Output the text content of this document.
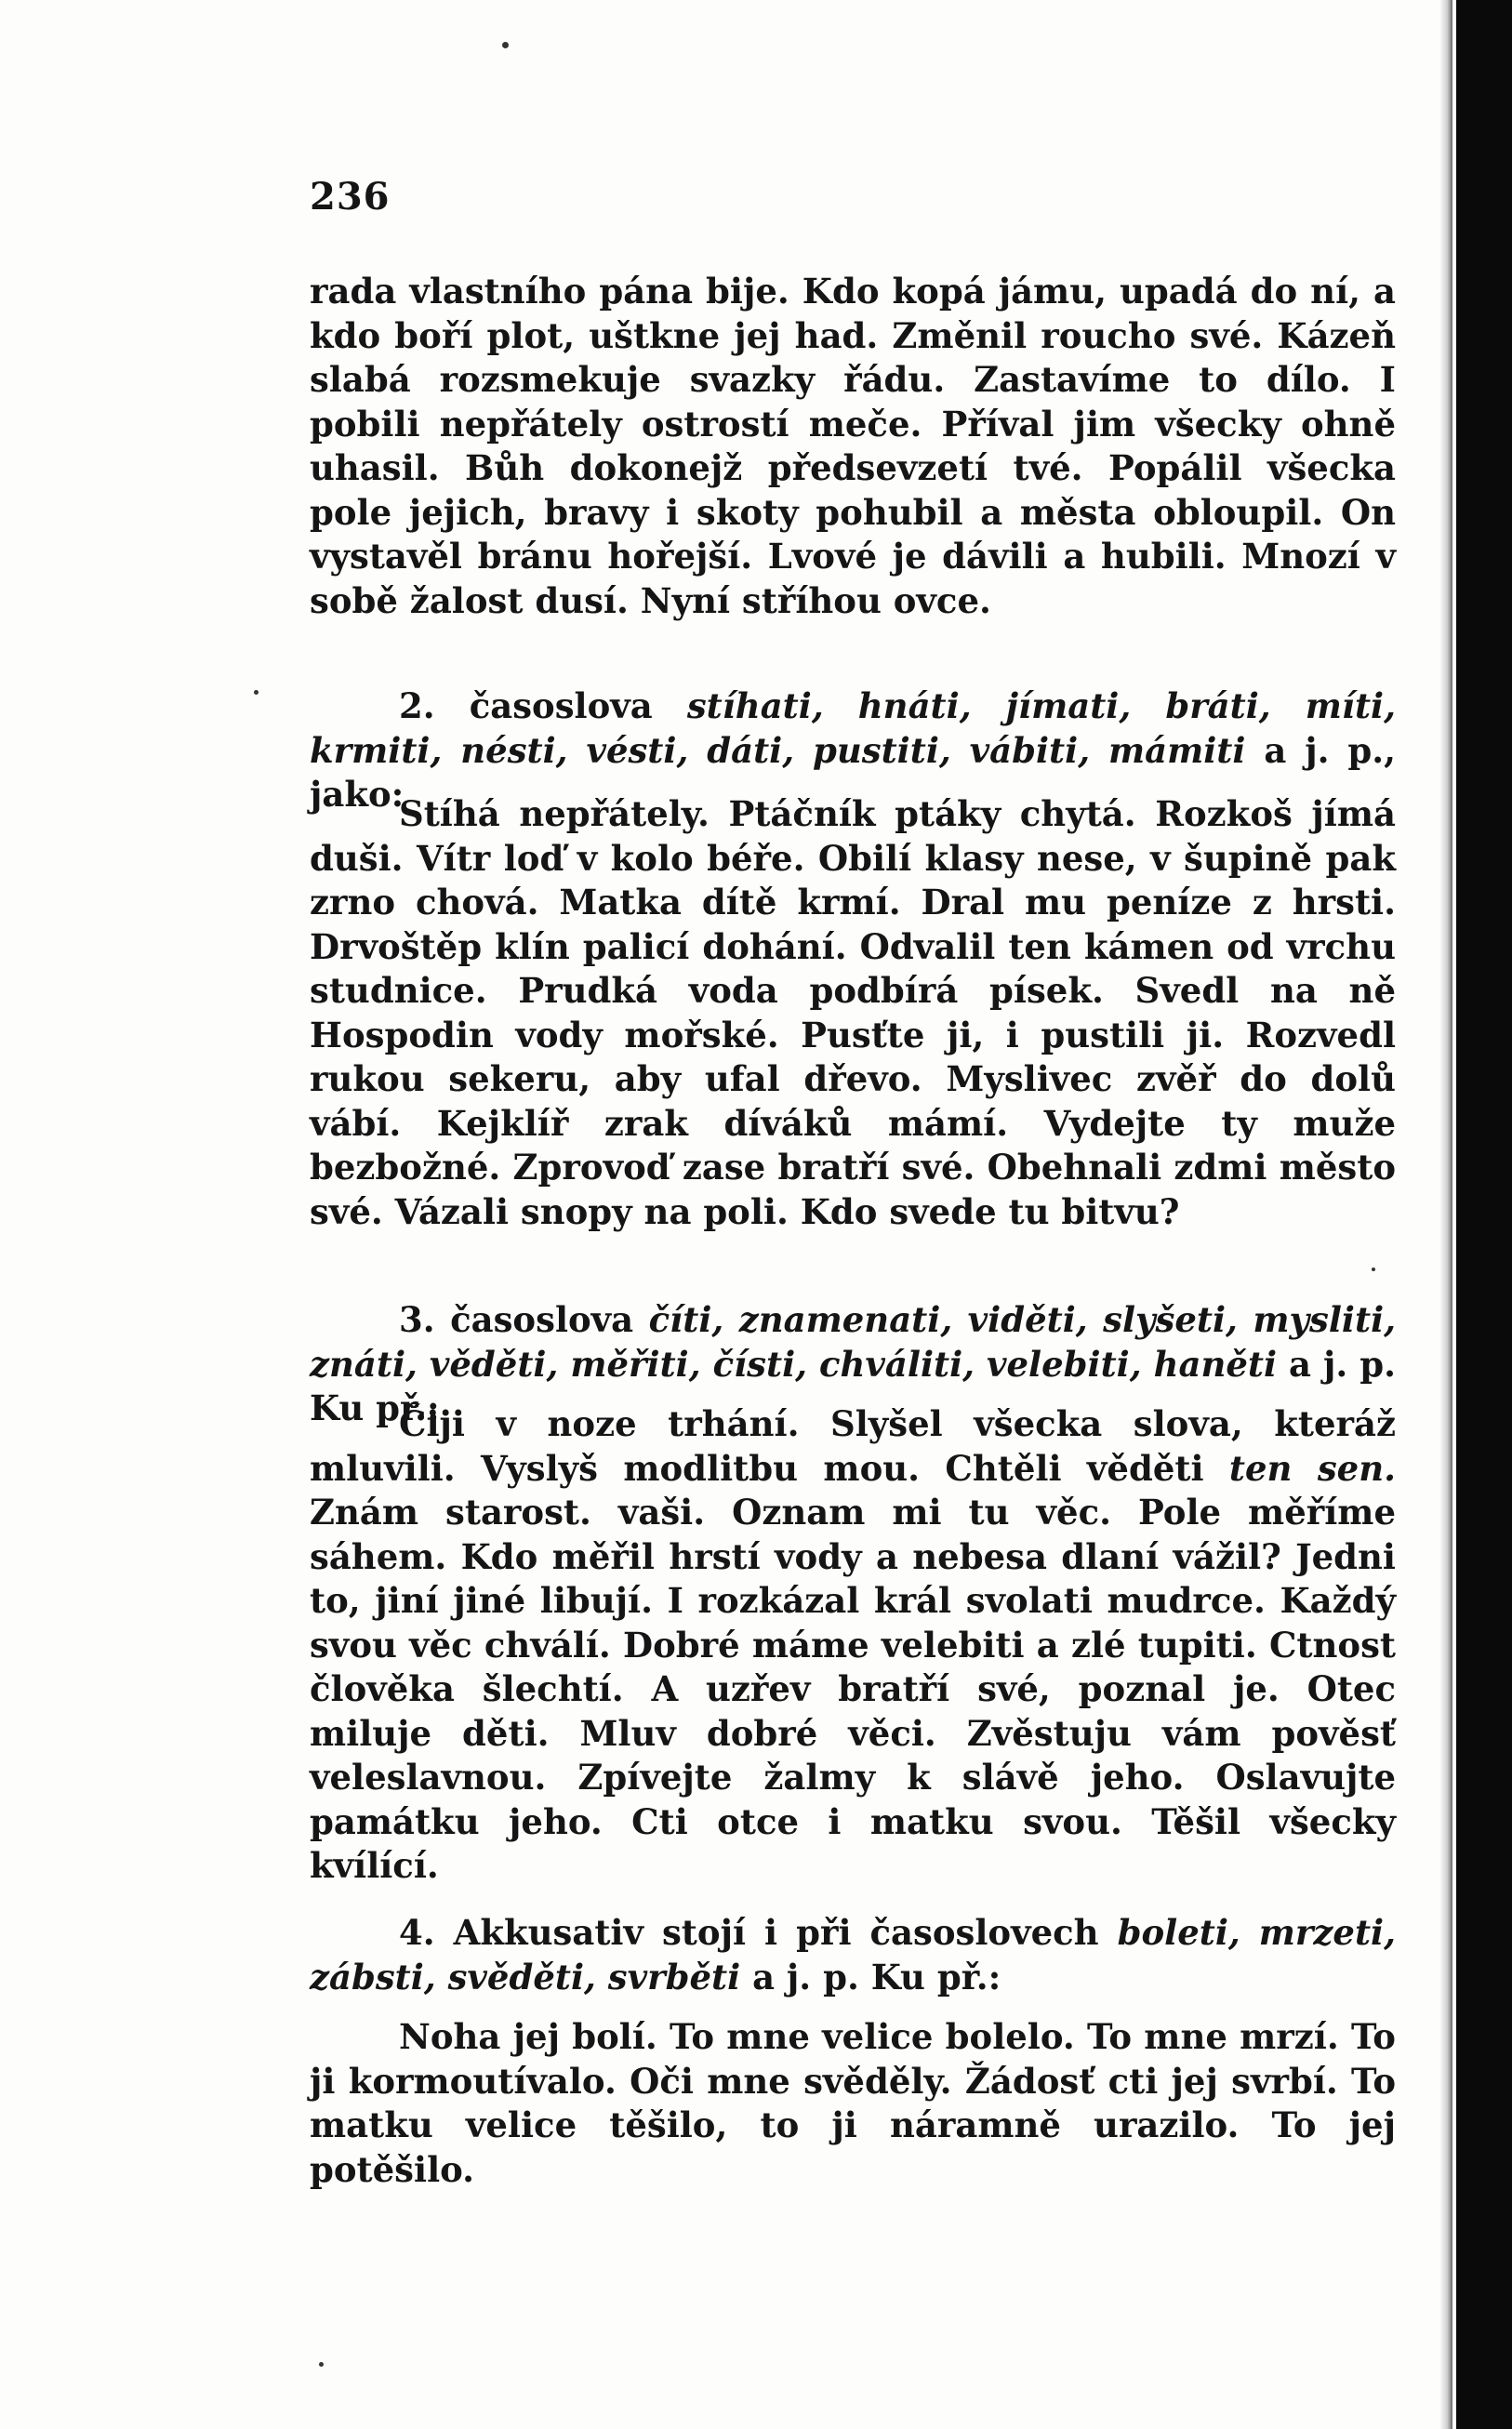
236

rada vlastního pána bije. Kdo kopá jámu, upadá do ní, a kdo boří plot, uštkne jej had. Změnil roucho své. Kázeň slabá rozsmekuje svazky řádu. Zastavíme to dílo. I pobili nepřátely ostrostí meče. Příval jim všecky ohně uhasil. Bůh dokonejž předsevzetí tvé. Popálil všecka pole jejich, bravy i skoty pohubil a města obloupil. On vystavěl bránu hořejší. Lvové je dávili a hubili. Mnozí v sobě žalost dusí. Nyní stříhou ovce.

2. časoslova stíhati, hnáti, jímati, bráti, míti, krmiti, nésti, vésti, dáti, pustiti, vábiti, mámiti a j. p., jako:

Stíhá nepřátely. Ptáčník ptáky chytá. Rozkoš jímá duši. Vítr loď v kolo béře. Obilí klasy nese, v šupině pak zrno chová. Matka dítě krmí. Dral mu peníze z hrsti. Drvoštěp klín palicí dohání. Odvalil ten kámen od vrchu studnice. Prudká voda podbírá písek. Svedl na ně Hospodin vody mořské. Pusťte ji, i pustili ji. Rozvedl rukou sekeru, aby ufal dřevo. Myslivec zvěř do dolů vábí. Kejklíř zrak díváků mámí. Vydejte ty muže bezbožné. Zprovoď zase bratří své. Obehnali zdmi město své. Vázali snopy na poli. Kdo svede tu bitvu?

3. časoslova číti, znamenati, viděti, slyšeti, mysliti, znáti, věděti, měřiti, čísti, chváliti, velebiti, haněti a j. p. Ku př.:

Čiji v noze trhání. Slyšel všecka slova, kteráž mluvili. Vyslyš modlitbu mou. Chtěli věděti ten sen. Znám starost. vaši. Oznam mi tu věc. Pole měříme sáhem. Kdo měřil hrstí vody a nebesa dlaní vážil? Jedni to, jiní jiné libují. I rozkázal král svolati mudrce. Každý svou věc chválí. Dobré máme velebiti a zlé tupiti. Ctnost člověka šlechtí. A uzřev bratří své, poznal je. Otec miluje děti. Mluv dobré věci. Zvěstuju vám pověsť veleslavnou. Zpívejte žalmy k slávě jeho. Oslavujte památku jeho. Cti otce i matku svou. Těšil všecky kvílící.

4. Akkusativ stojí i při časoslovech boleti, mrzeti, zábsti, svěděti, svrběti a j. p. Ku př.:

Noha jej bolí. To mne velice bolelo. To mne mrzí. To ji kormoutívalo. Oči mne svěděly. Žádosť cti jej svrbí. To matku velice těšilo, to ji náramně urazilo. To jej potěšilo.
